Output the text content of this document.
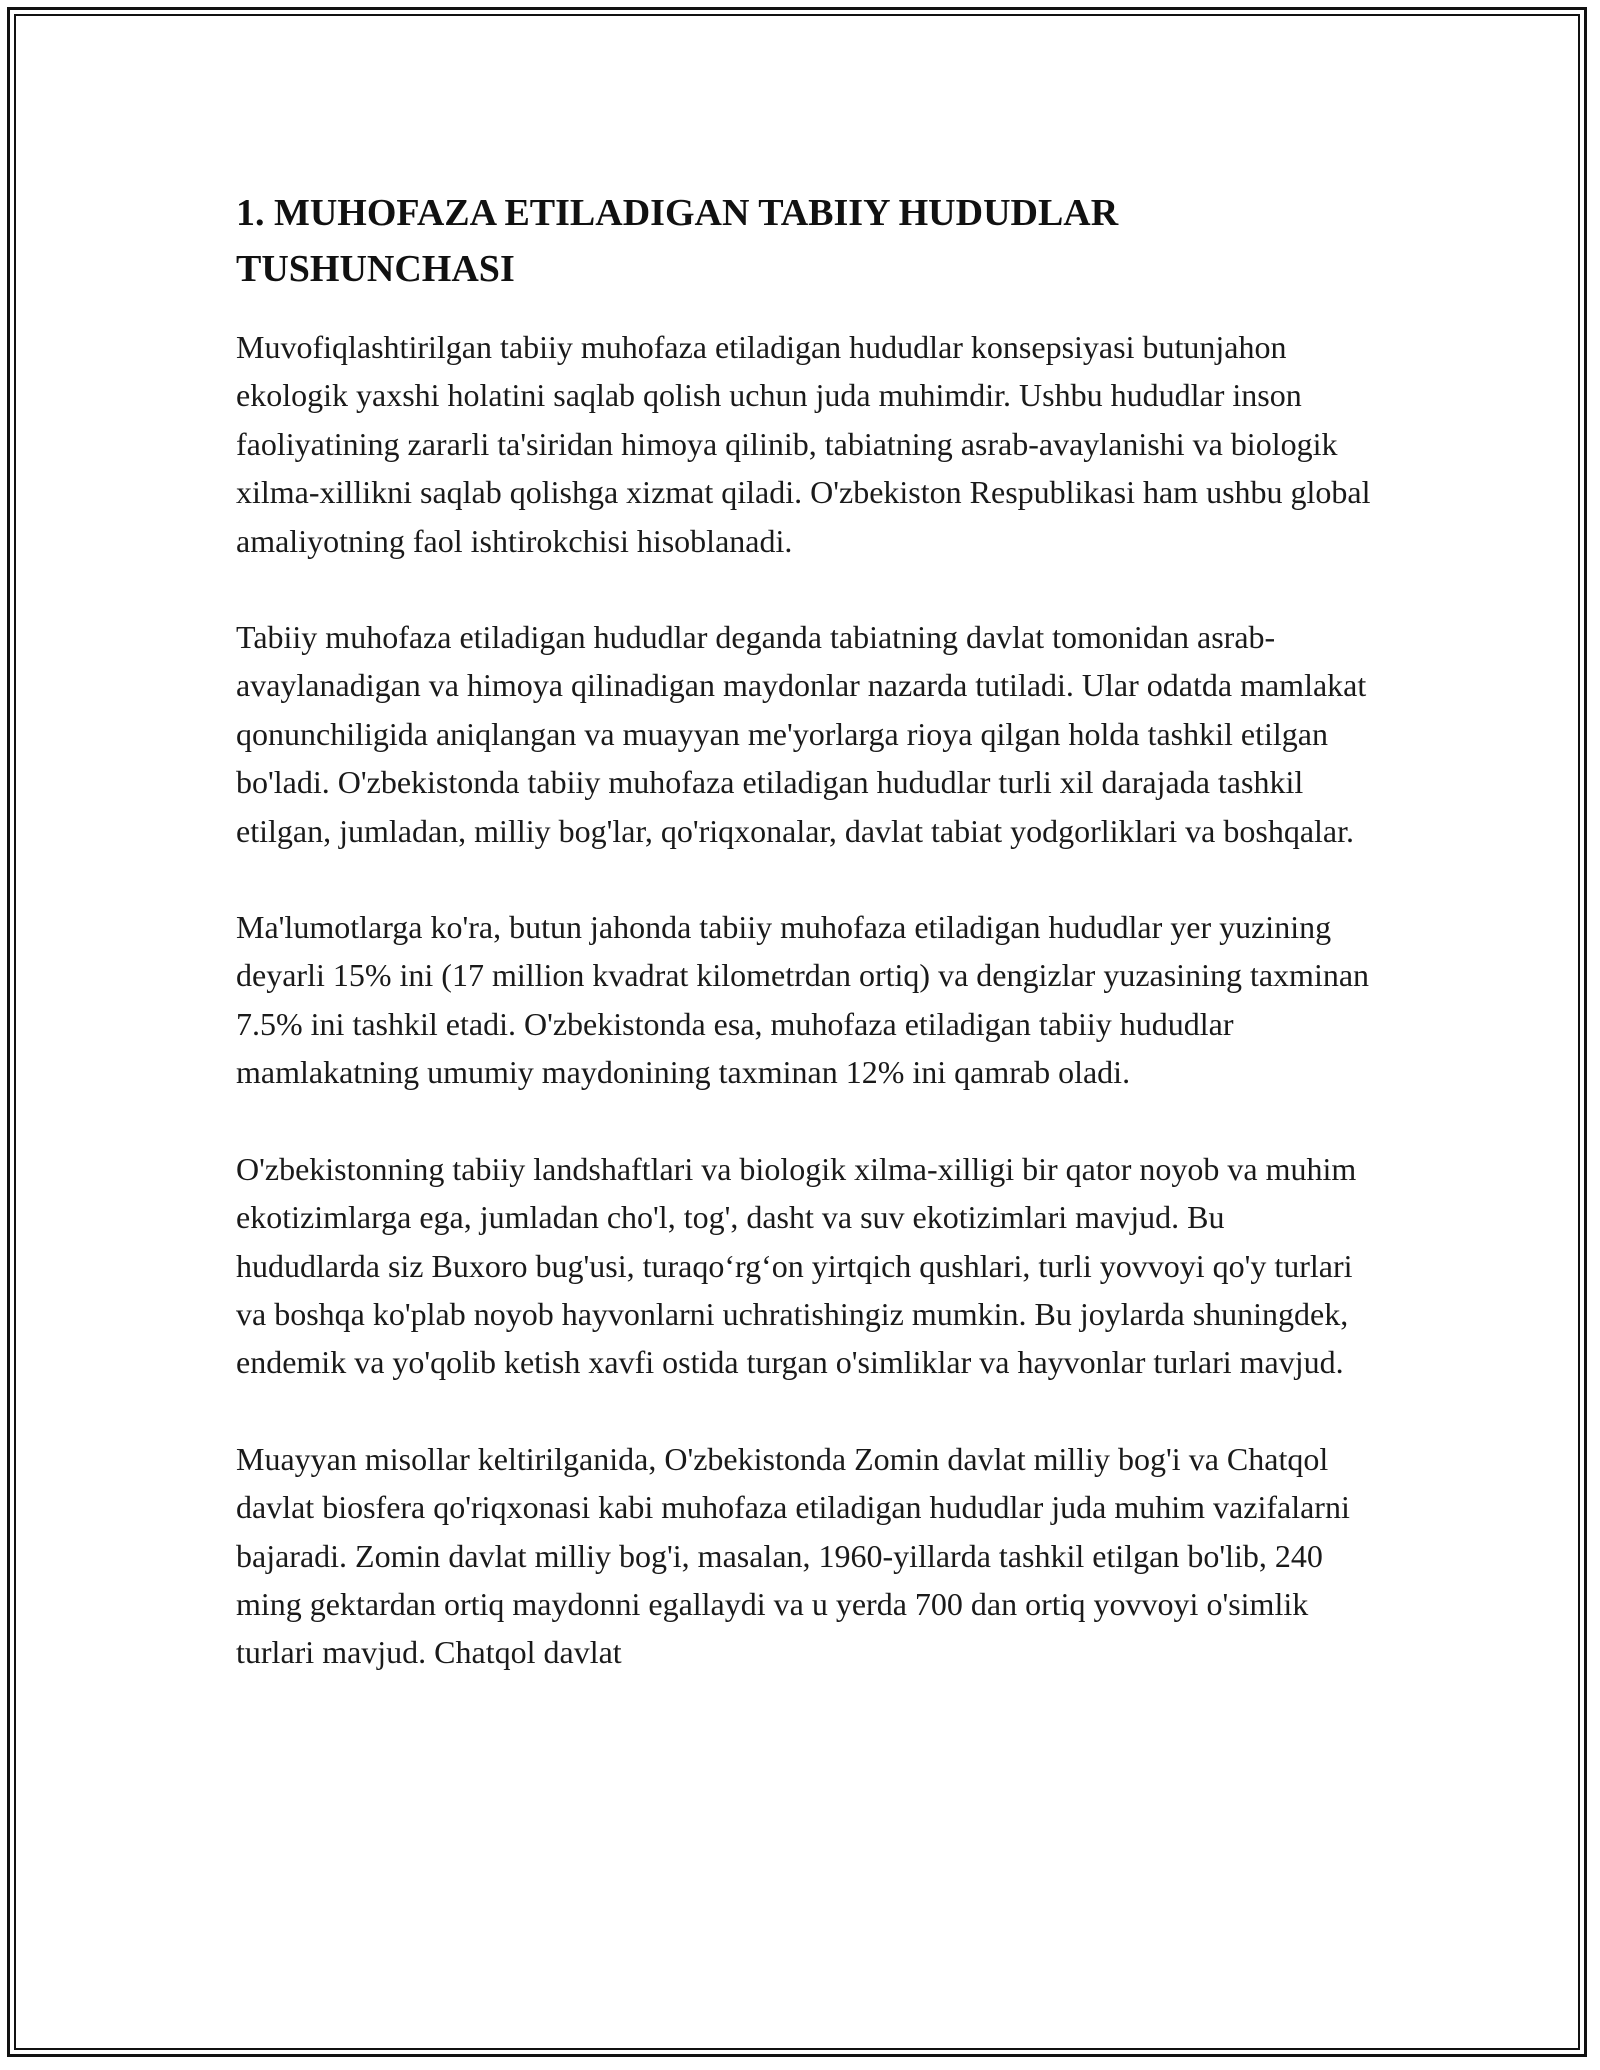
1. MUHOFAZA ETILADIGAN TABIIY HUDUDLAR TUSHUNCHASI

Muvofiqlashtirilgan tabiiy muhofaza etiladigan hududlar konsepsiyasi butunjahon ekologik yaxshi holatini saqlab qolish uchun juda muhimdir. Ushbu hududlar inson faoliyatining zararli ta'siridan himoya qilinib, tabiatning asrab-avaylanishi va biologik xilma-xillikni saqlab qolishga xizmat qiladi. O'zbekiston Respublikasi ham ushbu global amaliyotning faol ishtirokchisi hisoblanadi.

Tabiiy muhofaza etiladigan hududlar deganda tabiatning davlat tomonidan asrab-avaylanadigan va himoya qilinadigan maydonlar nazarda tutiladi. Ular odatda mamlakat qonunchiligida aniqlangan va muayyan me'yorlarga rioya qilgan holda tashkil etilgan bo'ladi. O'zbekistonda tabiiy muhofaza etiladigan hududlar turli xil darajada tashkil etilgan, jumladan, milliy bog'lar, qo'riqxonalar, davlat tabiat yodgorliklari va boshqalar.

Ma'lumotlarga ko'ra, butun jahonda tabiiy muhofaza etiladigan hududlar yer yuzining deyarli 15% ini (17 million kvadrat kilometrdan ortiq) va dengizlar yuzasining taxminan 7.5% ini tashkil etadi. O'zbekistonda esa, muhofaza etiladigan tabiiy hududlar mamlakatning umumiy maydonining taxminan 12% ini qamrab oladi.

O'zbekistonning tabiiy landshaftlari va biologik xilma-xilligi bir qator noyob va muhim ekotizimlarga ega, jumladan cho'l, tog', dasht va suv ekotizimlari mavjud. Bu hududlarda siz Buxoro bug'usi, turaqo‘rg‘on yirtqich qushlari, turli yovvoyi qo'y turlari va boshqa ko'plab noyob hayvonlarni uchratishingiz mumkin. Bu joylarda shuningdek, endemik va yo'qolib ketish xavfi ostida turgan o'simliklar va hayvonlar turlari mavjud.

Muayyan misollar keltirilganida, O'zbekistonda Zomin davlat milliy bog'i va Chatqol davlat biosfera qo'riqxonasi kabi muhofaza etiladigan hududlar juda muhim vazifalarni bajaradi. Zomin davlat milliy bog'i, masalan, 1960-yillarda tashkil etilgan bo'lib, 240 ming gektardan ortiq maydonni egallaydi va u yerda 700 dan ortiq yovvoyi o'simlik turlari mavjud. Chatqol davlat
